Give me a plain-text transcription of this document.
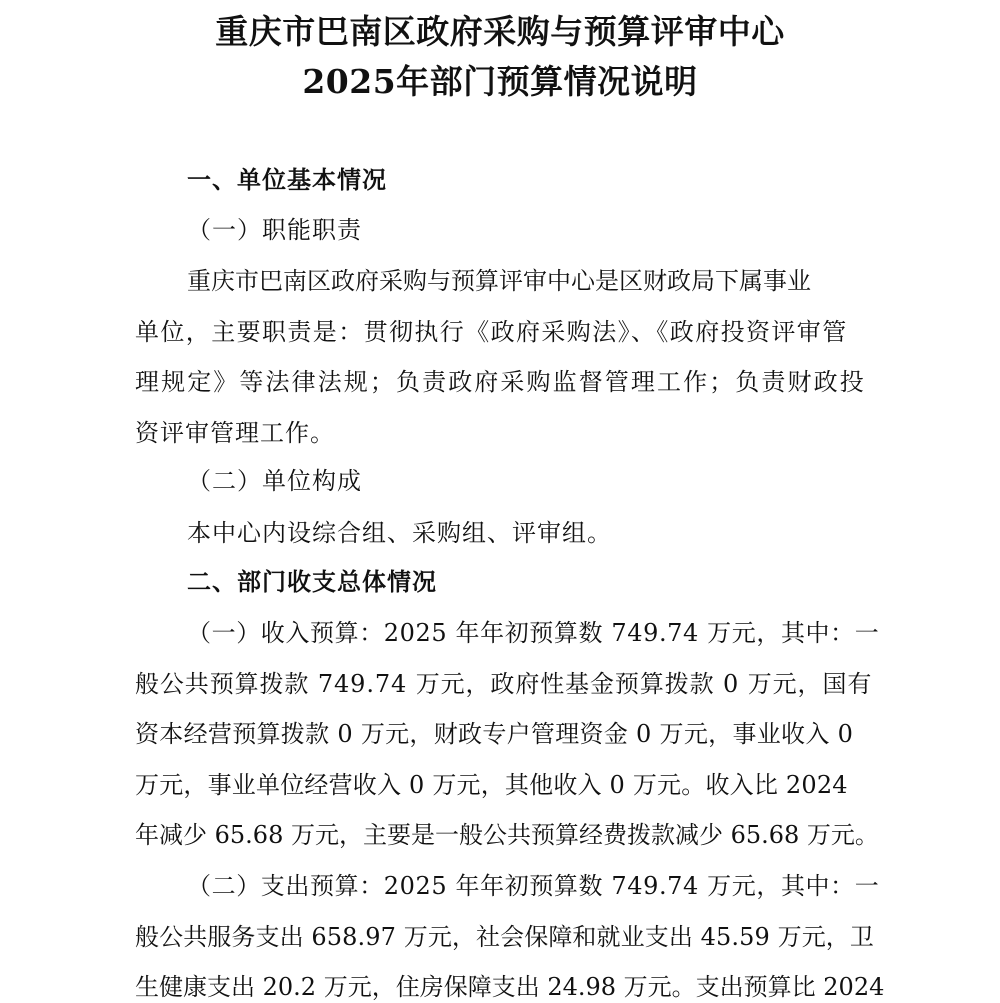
重庆市巴南区政府采购与预算评审中心
2025年部门预算情况说明
一、单位基本情况
（一）职能职责
重庆市巴南区政府采购与预算评审中心是区财政局下属事业
单位，主要职责是：贯彻执行《政府采购法》、《政府投资评审管
理规定》等法律法规；负责政府采购监督管理工作；负责财政投
资评审管理工作。
（二）单位构成
本中心内设综合组、采购组、评审组。
二、部门收支总体情况
（一）收入预算：2025 年年初预算数 749.74 万元，其中：一
般公共预算拨款 749.74 万元，政府性基金预算拨款 0 万元，国有
资本经营预算拨款 0 万元，财政专户管理资金 0 万元，事业收入 0
万元，事业单位经营收入 0 万元，其他收入 0 万元。收入比 2024
年减少 65.68 万元，主要是一般公共预算经费拨款减少 65.68 万元。
（二）支出预算：2025 年年初预算数 749.74 万元，其中：一
般公共服务支出 658.97 万元，社会保障和就业支出 45.59 万元，卫
生健康支出 20.2 万元，住房保障支出 24.98 万元。支出预算比 2024
